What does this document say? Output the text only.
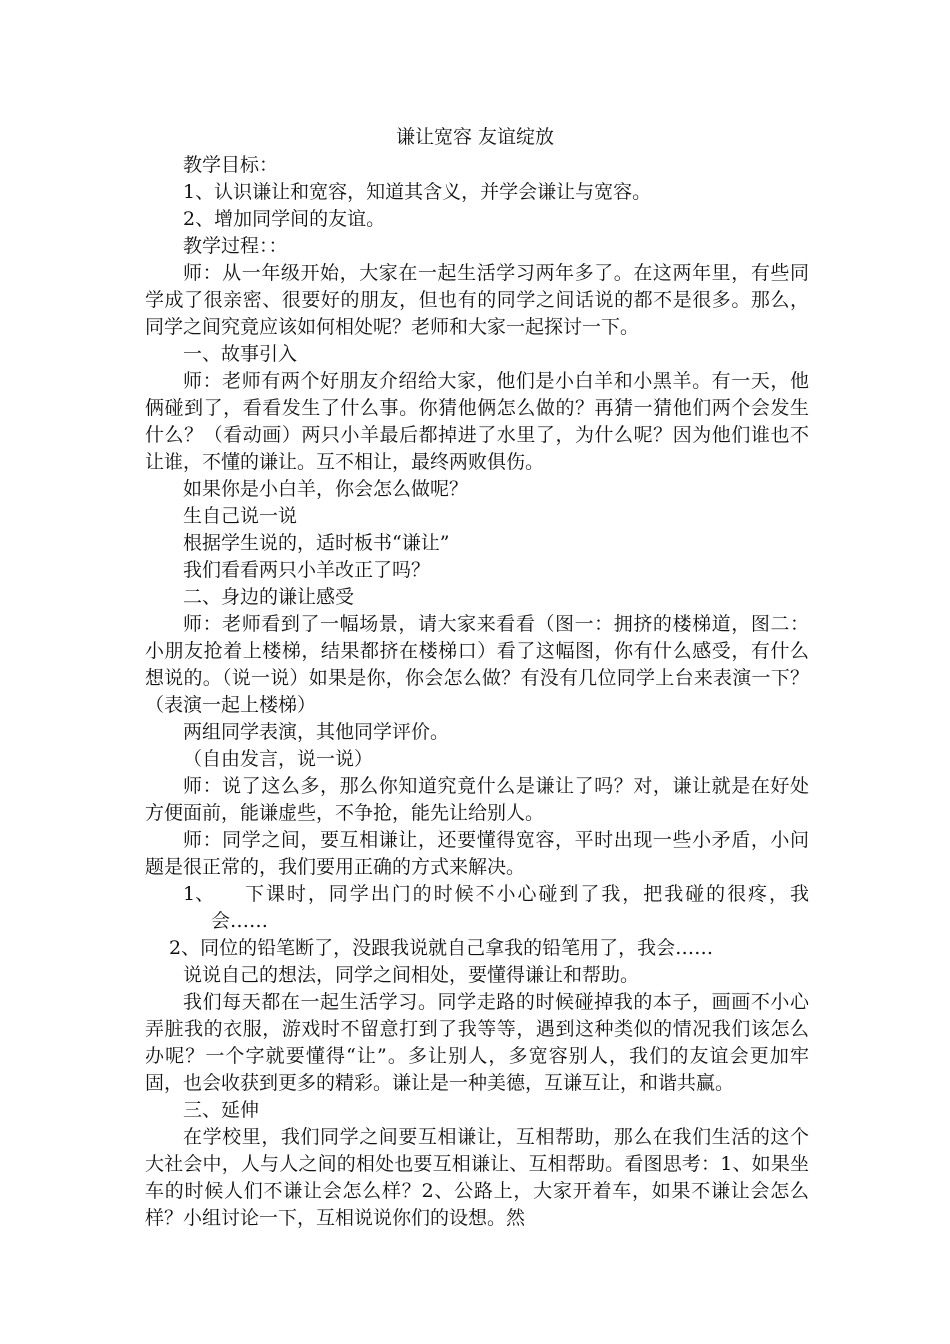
谦让宽容 友谊绽放

教学目标：

1、认识谦让和宽容，知道其含义，并学会谦让与宽容。

2、增加同学间的友谊。

教学过程：：

师：从一年级开始，大家在一起生活学习两年多了。在这两年里，有些同学成了很亲密、很要好的朋友，但也有的同学之间话说的都不是很多。那么，同学之间究竟应该如何相处呢？老师和大家一起探讨一下。

一、故事引入

师：老师有两个好朋友介绍给大家，他们是小白羊和小黑羊。有一天，他俩碰到了，看看发生了什么事。你猜他俩怎么做的？再猜一猜他们两个会发生什么？（看动画）两只小羊最后都掉进了水里了，为什么呢？因为他们谁也不让谁，不懂的谦让。互不相让，最终两败俱伤。

如果你是小白羊，你会怎么做呢？

生自己说一说

根据学生说的，适时板书“谦让”

我们看看两只小羊改正了吗？

二、身边的谦让感受

师：老师看到了一幅场景，请大家来看看（图一：拥挤的楼梯道，图二：小朋友抢着上楼梯，结果都挤在楼梯口）看了这幅图，你有什么感受，有什么想说的。（说一说）如果是你，你会怎么做？有没有几位同学上台来表演一下？（表演一起上楼梯）

两组同学表演，其他同学评价。

（自由发言，说一说）

师：说了这么多，那么你知道究竟什么是谦让了吗？对，谦让就是在好处方便面前，能谦虚些，不争抢，能先让给别人。

师：同学之间，要互相谦让，还要懂得宽容，平时出现一些小矛盾，小问题是很正常的，我们要用正确的方式来解决。

1、 下课时，同学出门的时候不小心碰到了我，把我碰的很疼，我会……

2、同位的铅笔断了，没跟我说就自己拿我的铅笔用了，我会……

说说自己的想法，同学之间相处，要懂得谦让和帮助。

我们每天都在一起生活学习。同学走路的时候碰掉我的本子，画画不小心弄脏我的衣服，游戏时不留意打到了我等等，遇到这种类似的情况我们该怎么办呢？一个字就要懂得“让”。多让别人，多宽容别人，我们的友谊会更加牢固，也会收获到更多的精彩。谦让是一种美德，互谦互让，和谐共赢。

三、延伸

在学校里，我们同学之间要互相谦让，互相帮助，那么在我们生活的这个大社会中，人与人之间的相处也要互相谦让、互相帮助。看图思考：1、如果坐车的时候人们不谦让会怎么样？2、公路上，大家开着车，如果不谦让会怎么样？小组讨论一下，互相说说你们的设想。然
